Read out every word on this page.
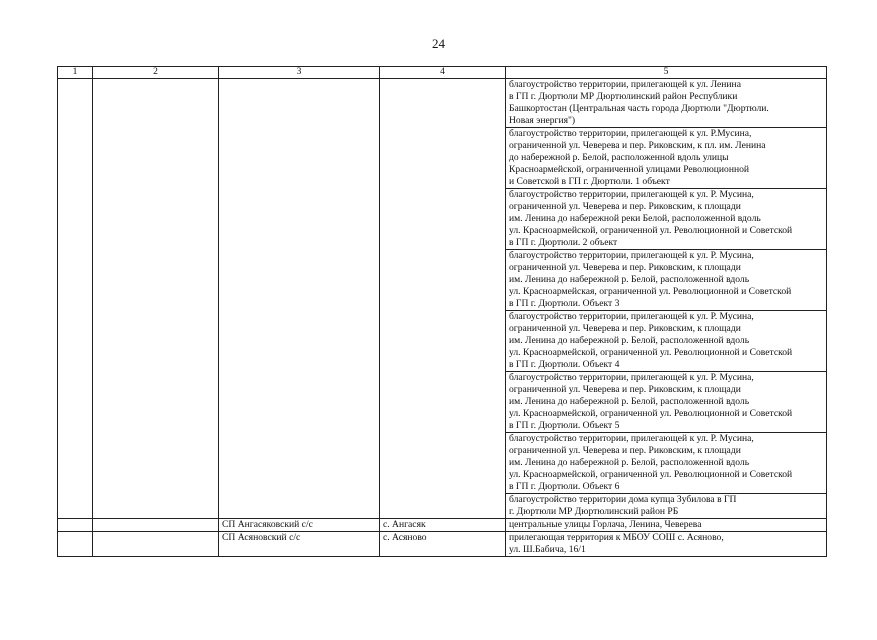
24
1	2	3	4	5

				благоустройство территории, прилегающей к ул. Ленина
в ГП г. Дюртюли МР Дюртюлинский район Республики
Башкортостан (Центральная часть города Дюртюли "Дюртюли.
Новая энергия")

				благоустройство территории, прилегающей к ул. Р.Мусина,
ограниченной ул. Чеверева и пер. Риковским, к пл. им. Ленина
до набережной р. Белой, расположенной вдоль улицы
Красноармейской, ограниченной улицами Революционной
и Советской в ГП г. Дюртюли. 1 объект

				благоустройство территории, прилегающей к ул. Р. Мусина,
ограниченной ул. Чеверева и пер. Риковским, к площади
им. Ленина до набережной реки Белой, расположенной вдоль
ул. Красноармейской, ограниченной ул. Революционной и Советской
в ГП г. Дюртюли. 2 объект

				благоустройство территории, прилегающей к ул. Р. Мусина,
ограниченной ул. Чеверева и пер. Риковским, к площади
им. Ленина до набережной р. Белой, расположенной вдоль
ул. Красноармейская, ограниченной ул. Революционной и Советской
в ГП г. Дюртюли. Объект 3

				благоустройство территории, прилегающей к ул. Р. Мусина,
ограниченной ул. Чеверева и пер. Риковским, к площади
им. Ленина до набережной р. Белой, расположенной вдоль
ул. Красноармейской, ограниченной ул. Революционной и Советской
в ГП г. Дюртюли. Объект 4

				благоустройство территории, прилегающей к ул. Р. Мусина,
ограниченной ул. Чеверева и пер. Риковским, к площади
им. Ленина до набережной р. Белой, расположенной вдоль
ул. Красноармейской, ограниченной ул. Революционной и Советской
в ГП г. Дюртюли. Объект 5

				благоустройство территории, прилегающей к ул. Р. Мусина,
ограниченной ул. Чеверева и пер. Риковским, к площади
им. Ленина до набережной р. Белой, расположенной вдоль
ул. Красноармейской, ограниченной ул. Революционной и Советской
в ГП г. Дюртюли. Объект 6

				благоустройство территории дома купца Зубилова в ГП
г. Дюртюли МР Дюртюлинский район РБ

		СП Ангасяковский с/с	с. Ангасяк	центральные улицы Горлача, Ленина, Чеверева

		СП Асяновский с/с	с. Асяново	прилегающая территория к МБОУ СОШ с. Асяново,
ул. Ш.Бабича, 16/1
